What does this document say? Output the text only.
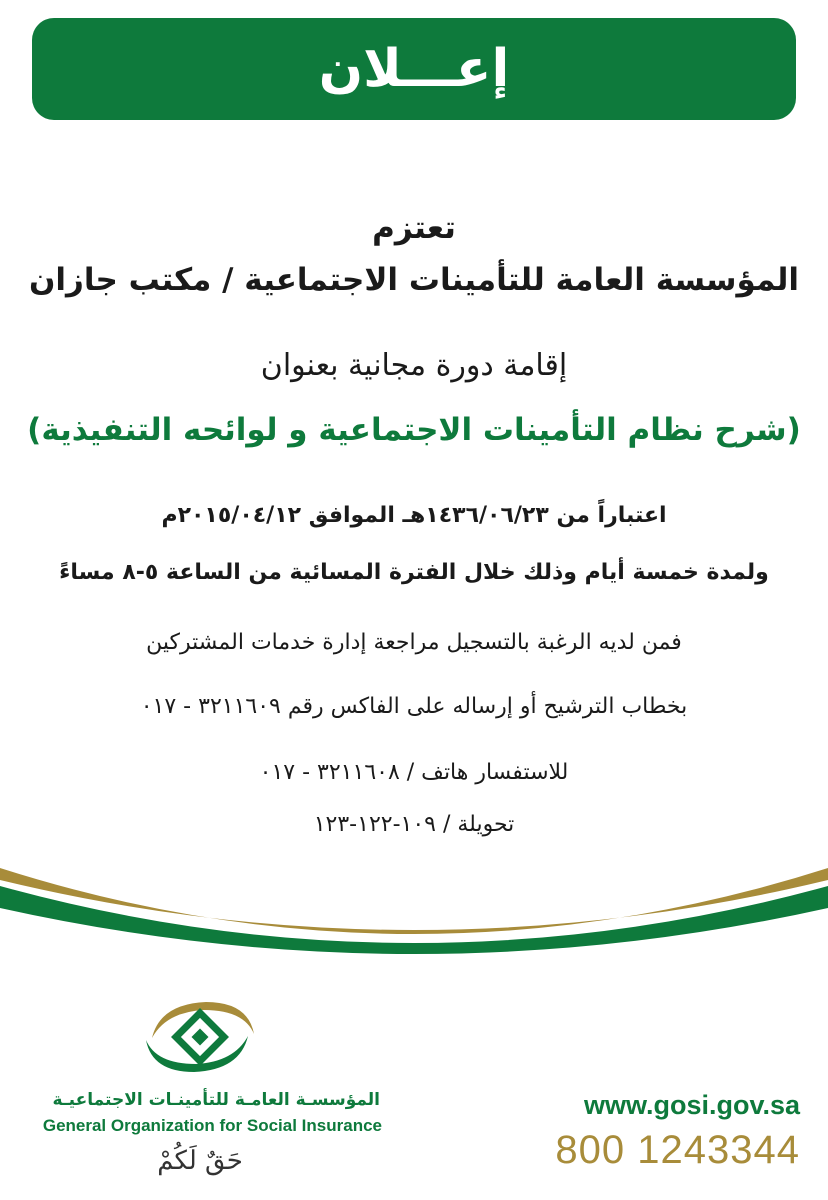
إعـــلان
تعتزم
المؤسسة العامة للتأمينات الاجتماعية / مكتب جازان
إقامة دورة مجانية بعنوان
(شرح نظام التأمينات الاجتماعية و لوائحه التنفيذية)
اعتباراً من ١٤٣٦/٠٦/٢٣هـ الموافق ٢٠١٥/٠٤/١٢م
ولمدة خمسة أيام وذلك خلال الفترة المسائية من الساعة ٥-٨ مساءً
فمن لديه الرغبة بالتسجيل مراجعة إدارة خدمات المشتركين
بخطاب الترشيح أو إرساله على الفاكس رقم ٣٢١١٦٠٩ - ٠١٧
للاستفسار هاتف / ٣٢١١٦٠٨ - ٠١٧
تحويلة / ١٠٩-١٢٢-١٢٣
المؤسسـة العامـة للتأمينـات الاجتماعيـة
General Organization for Social Insurance
حَقٌ لَكُمْ
www.gosi.gov.sa
800 1243344
